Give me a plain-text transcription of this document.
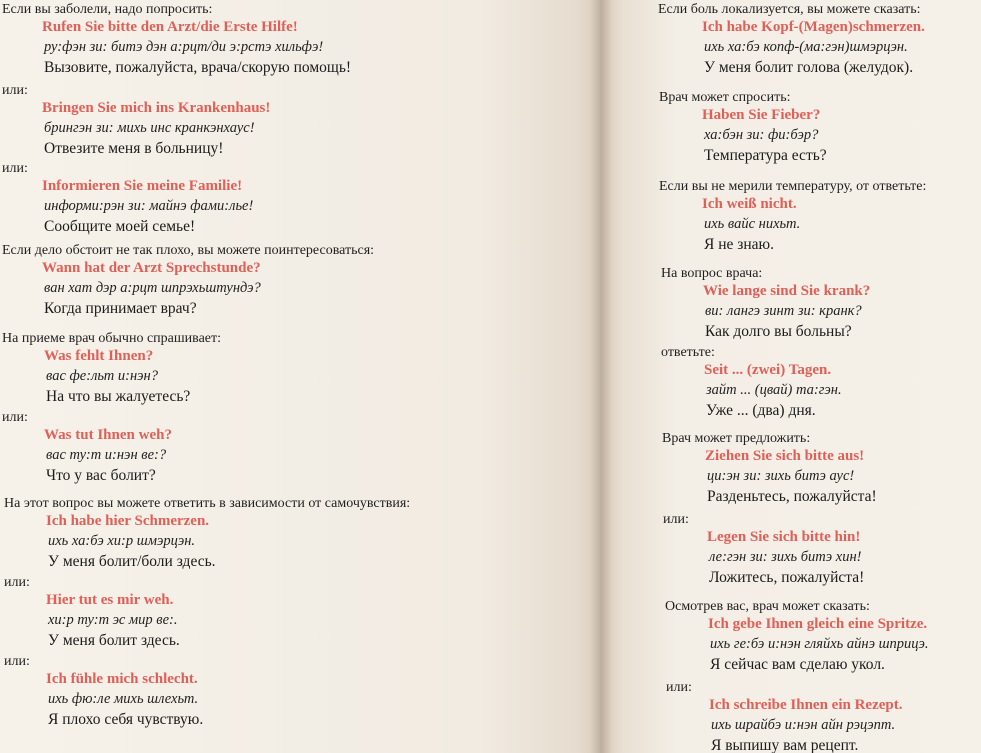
Если вы заболели, надо попросить:
Rufen Sie bitte den Arzt/die Erste Hilfe!
ру:фэн зи: битэ дэн а:рцт/ди э:рстэ хильфэ!
Вызовите, пожалуйста, врача/скорую помощь!
или:
Bringen Sie mich ins Krankenhaus!
брингэн зи: михь инс кранкэнхаус!
Отвезите меня в больницу!
или:
Informieren Sie meine Familie!
информи:рэн зи: майнэ фами:лье!
Сообщите моей семье!
Если дело обстоит не так плохо, вы можете поинтересоваться:
Wann hat der Arzt Sprechstunde?
ван хат дэр а:рцт шпрэхьштундэ?
Когда принимает врач?
На приеме врач обычно спрашивает:
Was fehlt Ihnen?
вас фе:льт и:нэн?
На что вы жалуетесь?
или:
Was tut Ihnen weh?
вас ту:т и:нэн ве:?
Что у вас болит?
На этот вопрос вы можете ответить в зависимости от самочувствия:
Ich habe hier Schmerzen.
ихь ха:бэ хи:р шмэрцэн.
У меня болит/боли здесь.
или:
Hier tut es mir weh.
хи:р ту:т эс мир ве:.
У меня болит здесь.
или:
Ich fühle mich schlecht.
ихь фю:ле михь шлехьт.
Я плохо себя чувствую.
Если боль локализуется, вы можете сказать:
Ich habe Kopf-(Magen)schmerzen.
ихь ха:бэ копф-(ма:гэн)шмэрцэн.
У меня болит голова (желудок).
Врач может спросить:
Haben Sie Fieber?
ха:бэн зи: фи:бэр?
Температура есть?
Если вы не мерили температуру, от ответьте:
Ich weiß nicht.
ихь вайс нихьт.
Я не знаю.
На вопрос врача:
Wie lange sind Sie krank?
ви: лангэ зинт зи: кранк?
Как долго вы больны?
ответьте:
Seit ... (zwei) Tagen.
зайт ... (цвай) та:гэн.
Уже ... (два) дня.
Врач может предложить:
Ziehen Sie sich bitte aus!
ци:эн зи: зихь битэ аус!
Разденьтесь, пожалуйста!
или:
Legen Sie sich bitte hin!
ле:гэн зи: зихь битэ хин!
Ложитесь, пожалуйста!
Осмотрев вас, врач может сказать:
Ich gebe Ihnen gleich eine Spritze.
ихь ге:бэ и:нэн гляйхь айнэ шприцэ.
Я сейчас вам сделаю укол.
или:
Ich schreibe Ihnen ein Rezept.
ихь шрайбэ и:нэн айн рэцэпт.
Я выпишу вам рецепт.
